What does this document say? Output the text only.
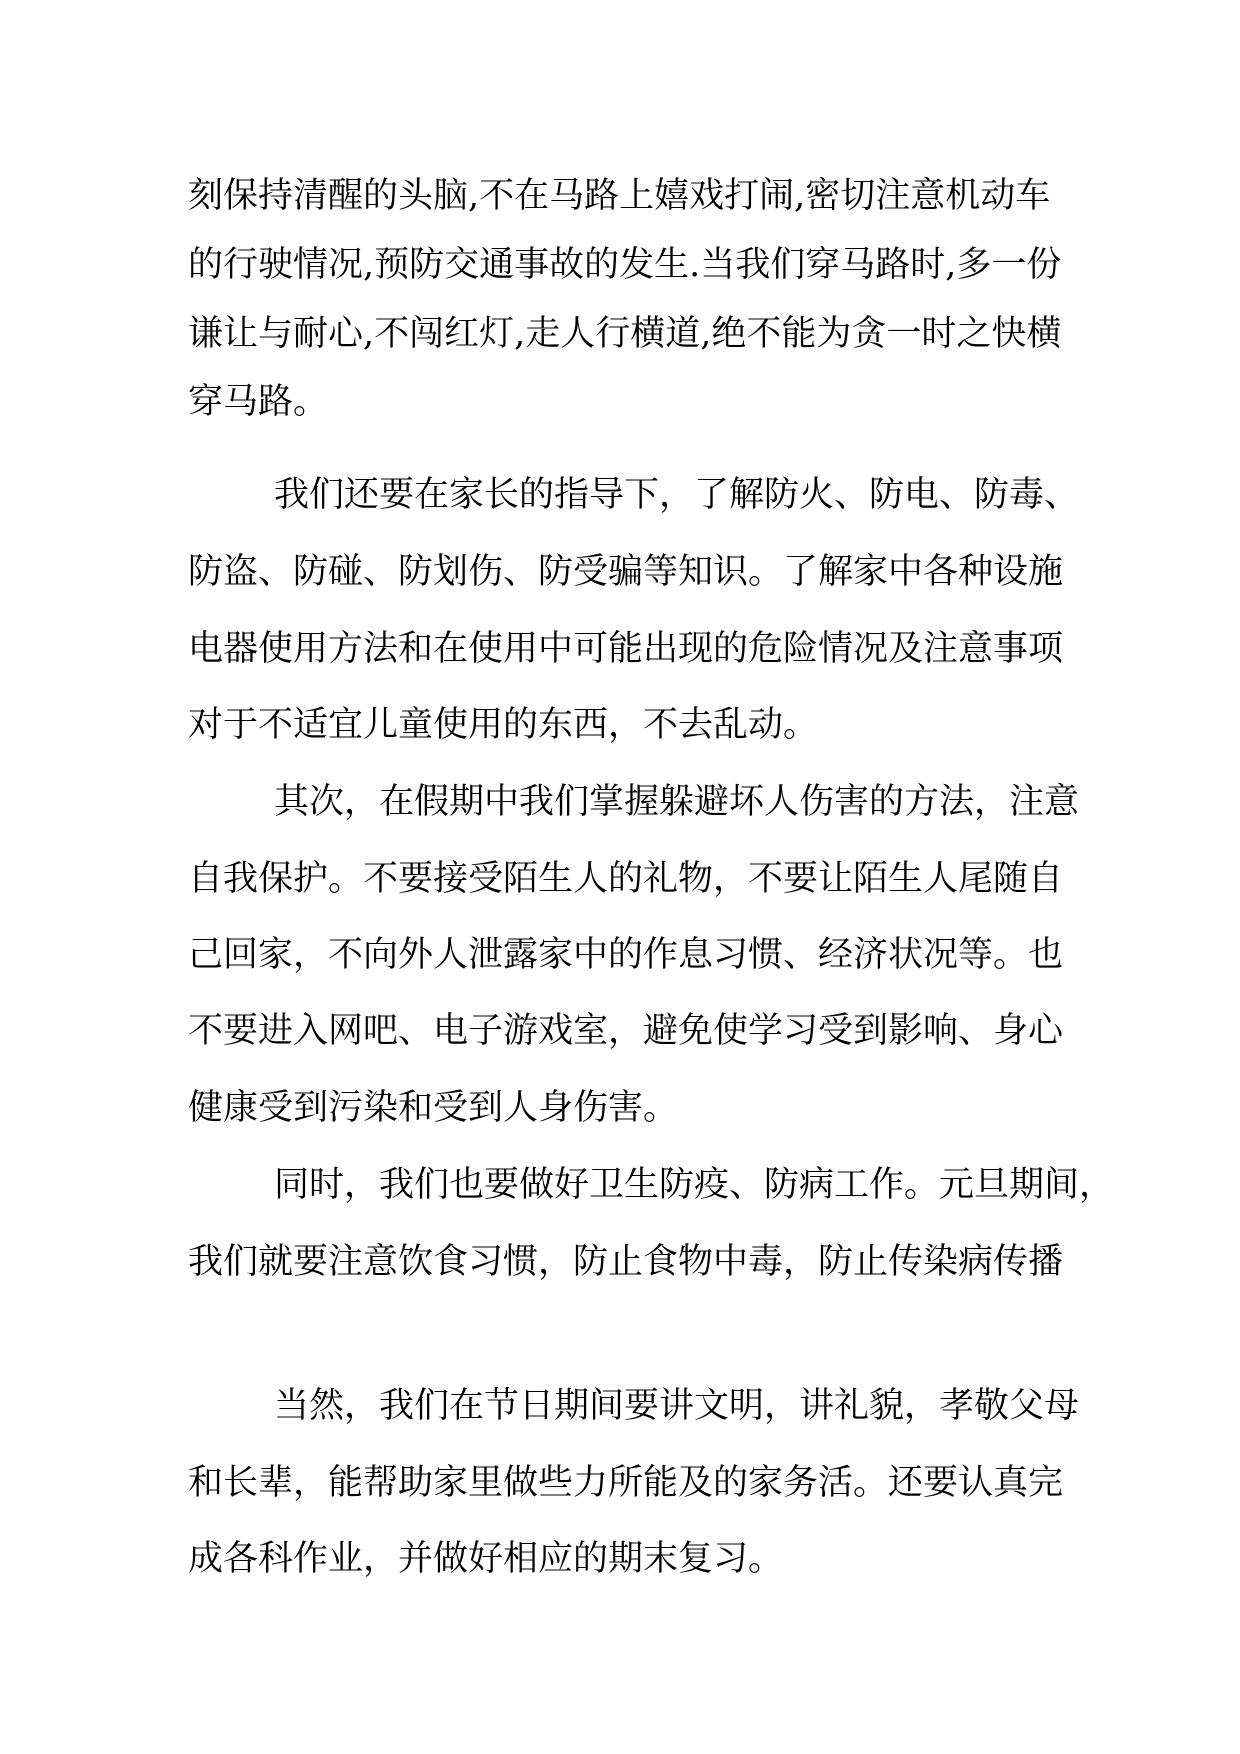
刻保持清醒的头脑,不在马路上嬉戏打闹,密切注意机动车

的行驶情况,预防交通事故的发生.当我们穿马路时,多一份

谦让与耐心,不闯红灯,走人行横道,绝不能为贪一时之快横

穿马路。

我们还要在家长的指导下，了解防火、防电、防毒、

防盗、防碰、防划伤、防受骗等知识。了解家中各种设施

电器使用方法和在使用中可能出现的危险情况及注意事项

对于不适宜儿童使用的东西，不去乱动。

其次，在假期中我们掌握躲避坏人伤害的方法，注意

自我保护。不要接受陌生人的礼物，不要让陌生人尾随自

己回家，不向外人泄露家中的作息习惯、经济状况等。也

不要进入网吧、电子游戏室，避免使学习受到影响、身心

健康受到污染和受到人身伤害。

同时，我们也要做好卫生防疫、防病工作。元旦期间，

我们就要注意饮食习惯，防止食物中毒，防止传染病传播

当然，我们在节日期间要讲文明，讲礼貌，孝敬父母

和长辈，能帮助家里做些力所能及的家务活。还要认真完

成各科作业，并做好相应的期末复习。
